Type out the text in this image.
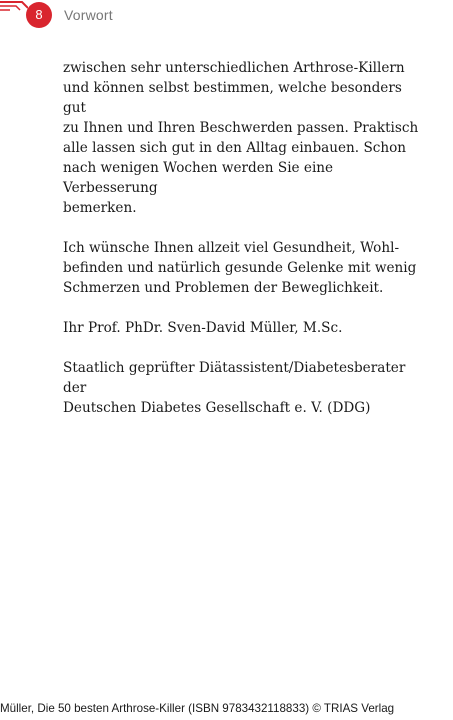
8	Vorwort

zwischen sehr unterschiedlichen Arthrose-Killern
und können selbst bestimmen, welche besonders gut
zu Ihnen und Ihren Beschwerden passen. Praktisch
alle lassen sich gut in den Alltag einbauen. Schon
nach wenigen Wochen werden Sie eine Verbesserung
bemerken.

Ich wünsche Ihnen allzeit viel Gesundheit, Wohl-
befinden und natürlich gesunde Gelenke mit wenig
Schmerzen und Problemen der Beweglichkeit.

Ihr Prof. PhDr. Sven-David Müller, M.Sc.

Staatlich geprüfter Diätassistent/Diabetesberater der
Deutschen Diabetes Gesellschaft e. V. (DDG)

Müller, Die 50 besten Arthrose-Killer (ISBN 9783432118833) © TRIAS Verlag
